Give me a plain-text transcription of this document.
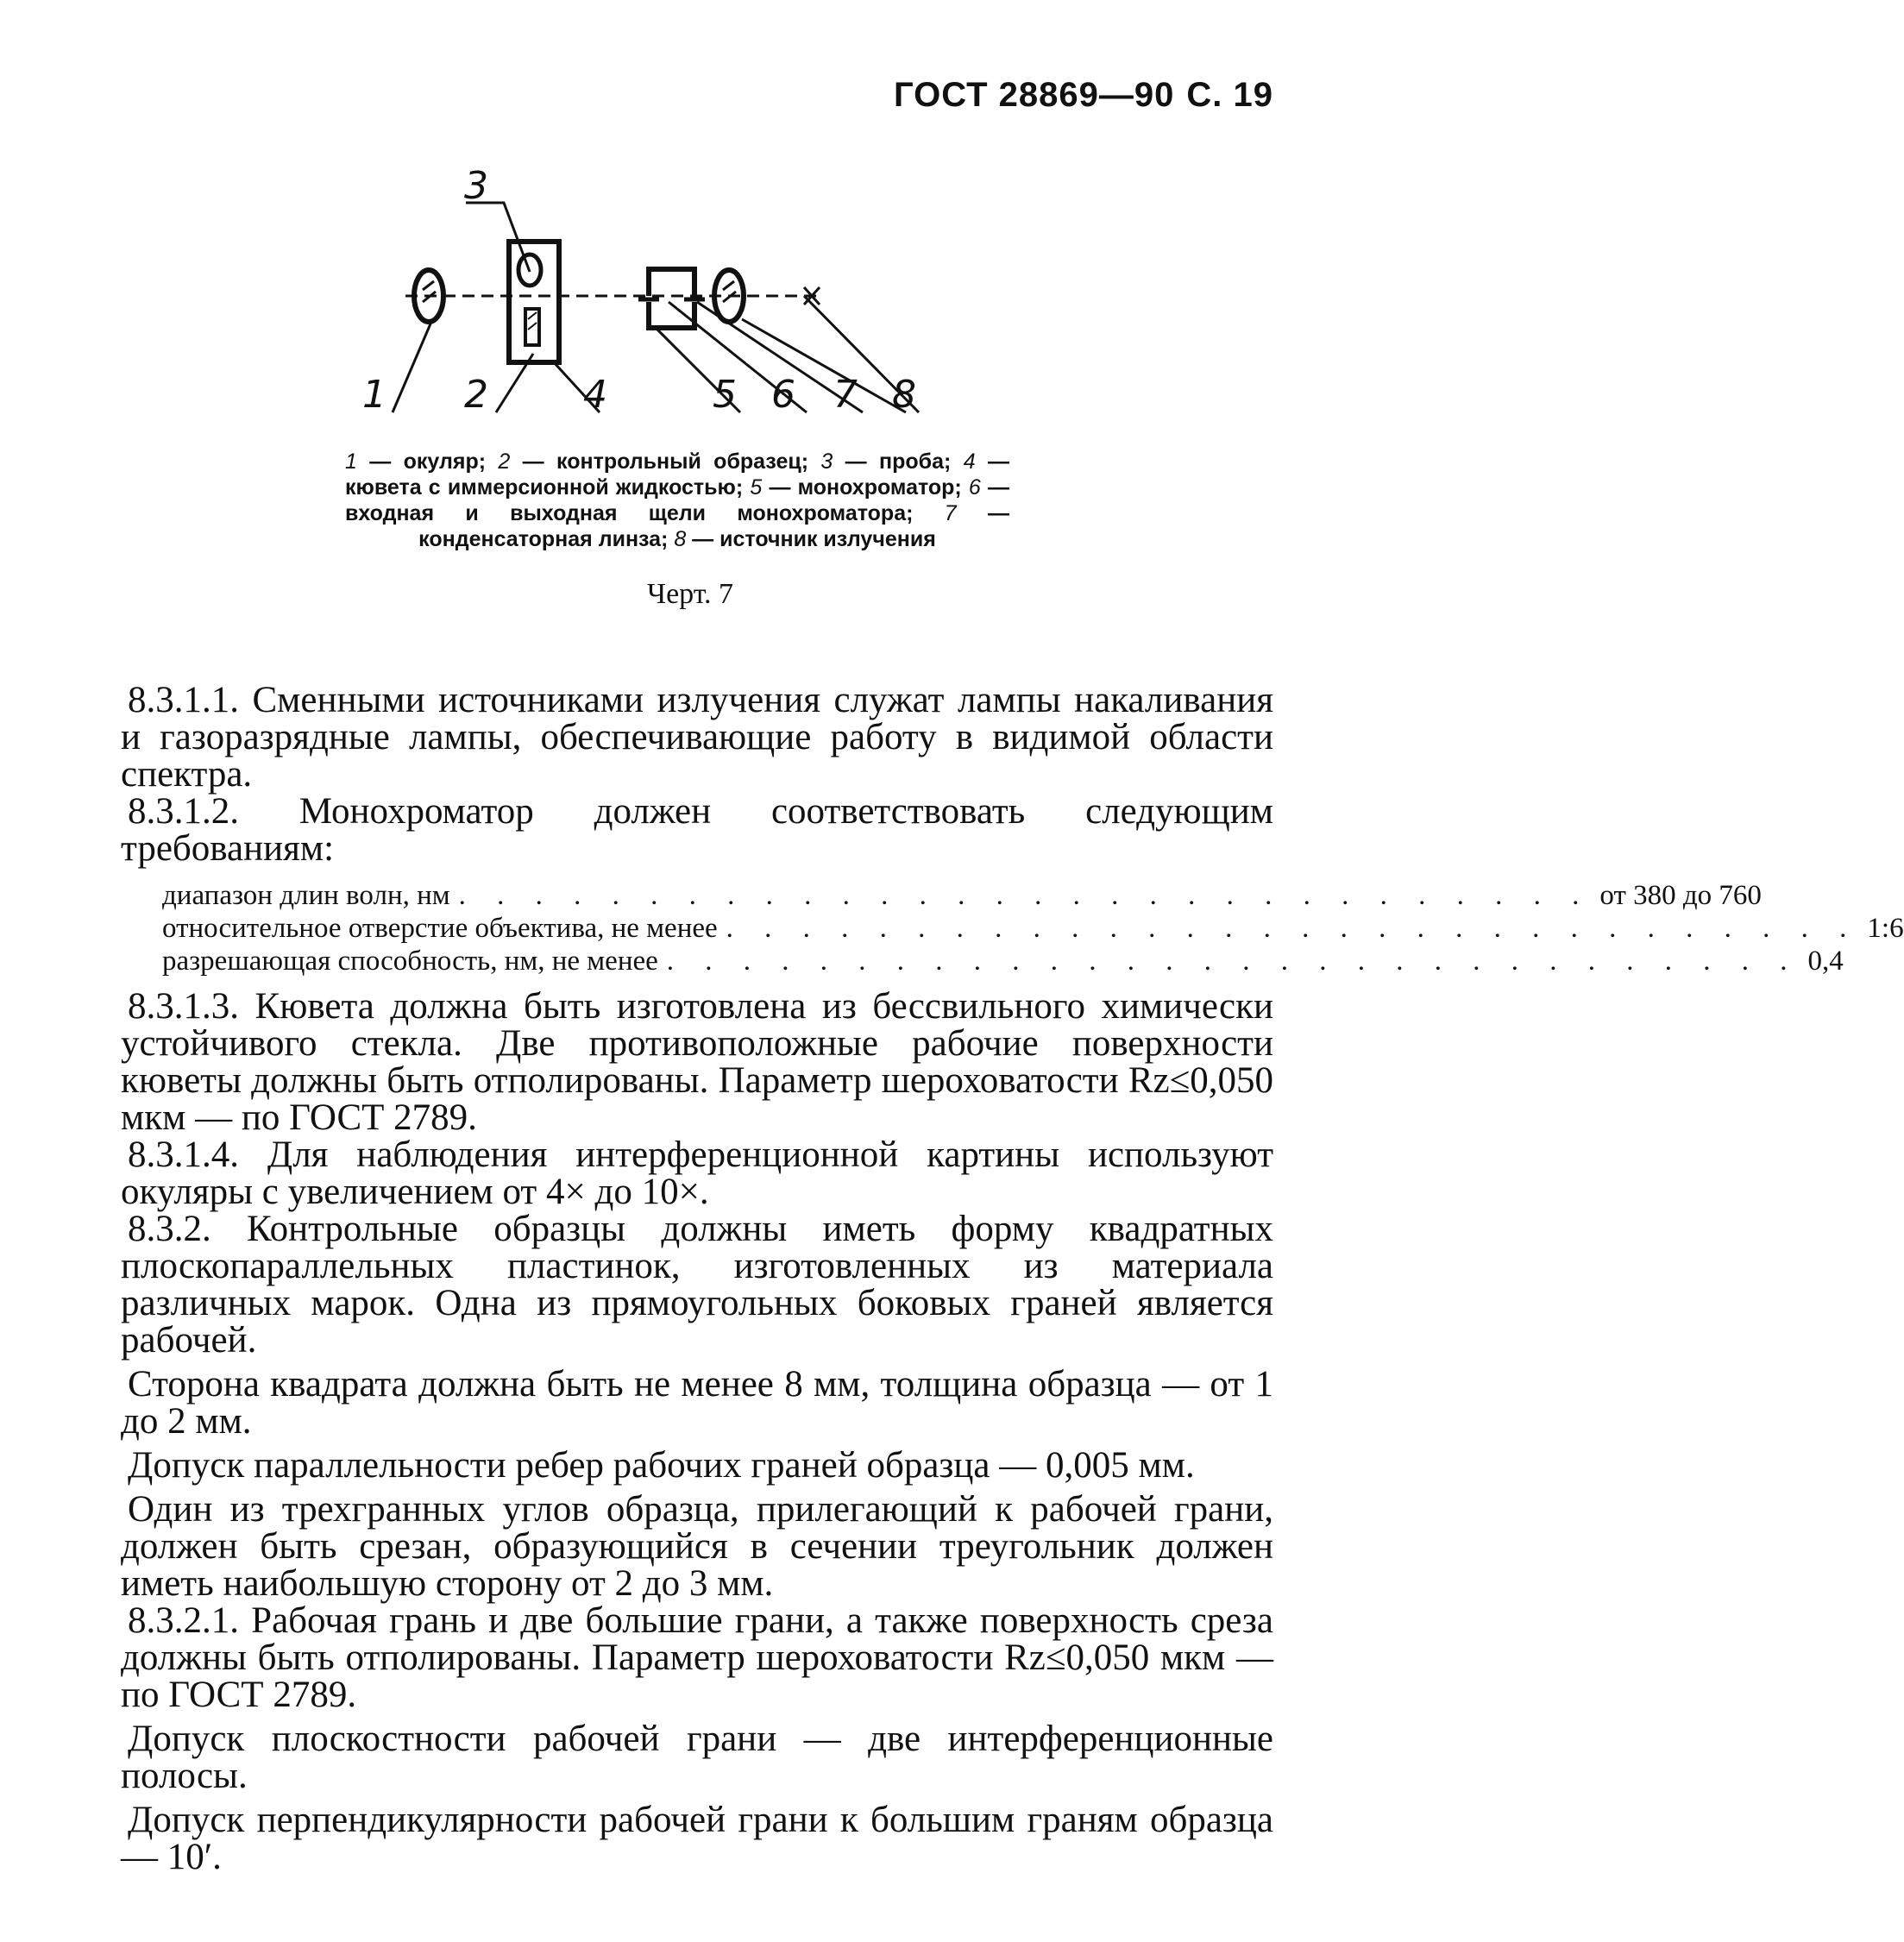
ГОСТ 28869—90 С. 19
1 2
3
4	5 6 7 8
1 — окуляр; 2 — контрольный образец; 3 — проба; 4 — кювета с иммерсионной жидкостью; 5 — монохроматор; 6 — входная и выходная щели монохроматора; 7 — конденсаторная линза; 8 — источник излучения
Черт. 7

8.3.1.1. Сменными источниками излучения служат лампы накаливания и газоразрядные лампы, обеспечивающие работу в видимой области спектра.

8.3.1.2. Монохроматор должен соответствовать следующим требованиям:

диапазон длин волн, нм . . . . . . . . . . . . . . . . . . . . . . . . . . . . . . от 380 до 760
относительное отверстие объектива, не менее . . . . . . . . . . . . . . . . . . . . . . . . . . . . . . 1:6
разрешающая способность, нм, не менее . . . . . . . . . . . . . . . . . . . . . . . . . . . . . . 0,4

8.3.1.3. Кювета должна быть изготовлена из бессвильного химически устойчивого стекла. Две противоположные рабочие поверхности кюветы должны быть отполированы. Параметр шероховатости Rz≤0,050 мкм — по ГОСТ 2789.

8.3.1.4. Для наблюдения интерференционной картины используют окуляры с увеличением от 4× до 10×.

8.3.2. Контрольные образцы должны иметь форму квадратных плоскопараллельных пластинок, изготовленных из материала различных марок. Одна из прямоугольных боковых граней является рабочей.

Сторона квадрата должна быть не менее 8 мм, толщина образца — от 1 до 2 мм.

Допуск параллельности ребер рабочих граней образца — 0,005 мм.

Один из трехгранных углов образца, прилегающий к рабочей грани, должен быть срезан, образующийся в сечении треугольник должен иметь наибольшую сторону от 2 до 3 мм.

8.3.2.1. Рабочая грань и две большие грани, а также поверхность среза должны быть отполированы. Параметр шероховатости Rz≤0,050 мкм — по ГОСТ 2789.

Допуск плоскостности рабочей грани — две интерференционные полосы.

Допуск перпендикулярности рабочей грани к большим граням образца — 10′.
